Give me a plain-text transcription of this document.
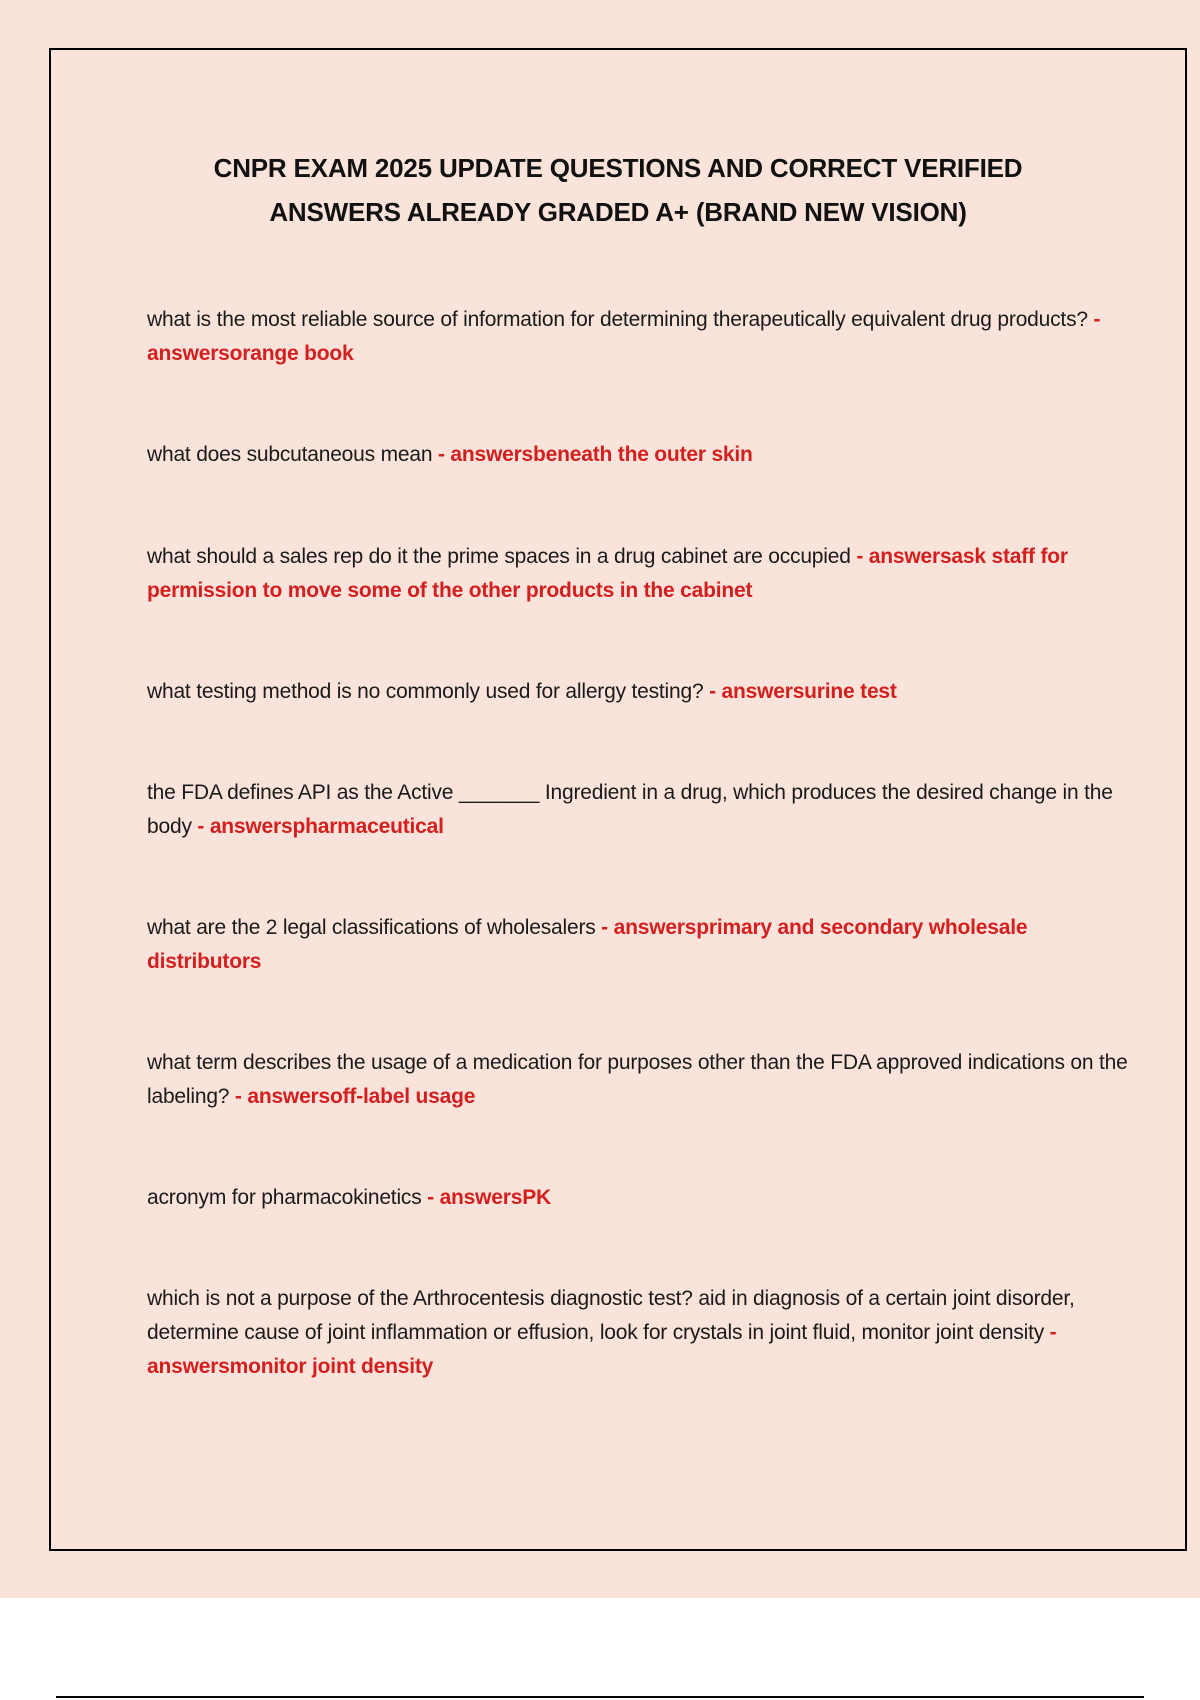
CNPR EXAM 2025 UPDATE QUESTIONS AND CORRECT VERIFIED
ANSWERS ALREADY GRADED A+ (BRAND NEW VISION)

what is the most reliable source of information for determining therapeutically equivalent drug products? - answersorange book

what does subcutaneous mean - answersbeneath the outer skin

what should a sales rep do it the prime spaces in a drug cabinet are occupied - answersask staff for permission to move some of the other products in the cabinet

what testing method is no commonly used for allergy testing? - answersurine test

the FDA defines API as the Active _______ Ingredient in a drug, which produces the desired change in the body - answerspharmaceutical

what are the 2 legal classifications of wholesalers - answersprimary and secondary wholesale distributors

what term describes the usage of a medication for purposes other than the FDA approved indications on the labeling? - answersoff-label usage

acronym for pharmacokinetics - answersPK

which is not a purpose of the Arthrocentesis diagnostic test? aid in diagnosis of a certain joint disorder, determine cause of joint inflammation or effusion, look for crystals in joint fluid, monitor joint density - answersmonitor joint density
